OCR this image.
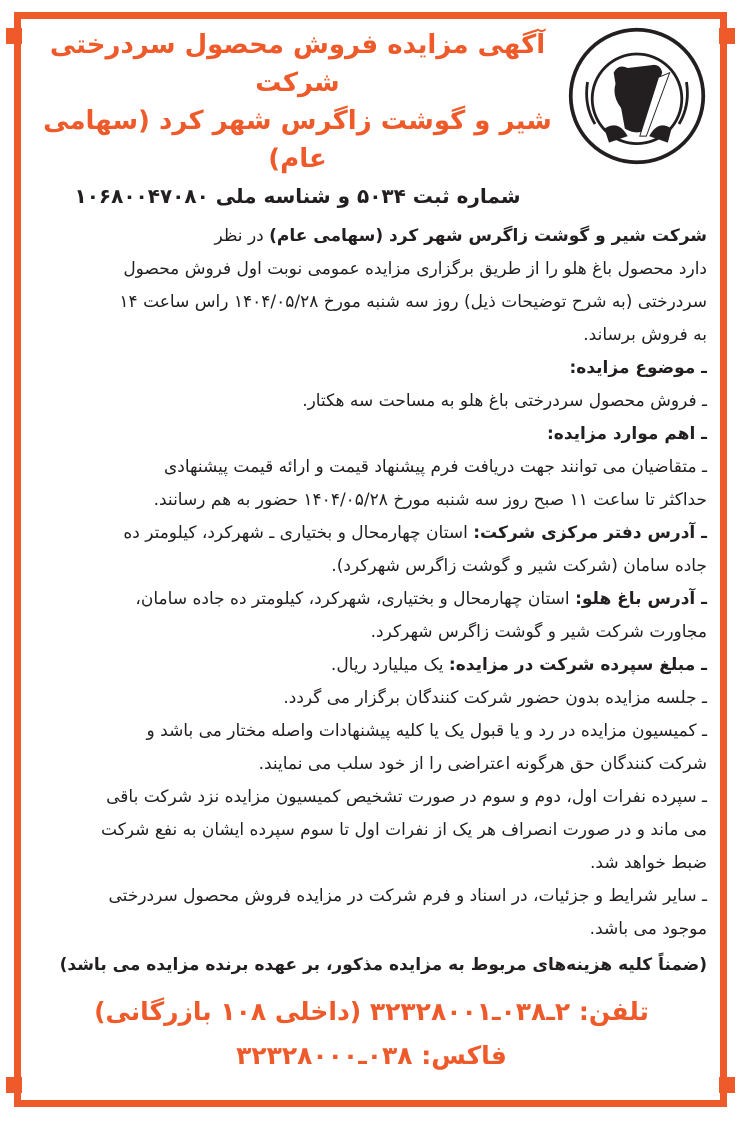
آگهی مزایده فروش محصول سردرختی شرکت
شیر و گوشت زاگرس شهر کرد (سهامی عام)
شماره ثبت ۵۰۳۴ و شناسه ملی ۱۰۶۸۰۰۴۷۰۸۰
شرکت شیر و گوشت زاگرس شهر کرد (سهامی عام) در نظر
دارد محصول باغ هلو را از طریق برگزاری مزایده عمومی نوبت اول فروش محصول
سردرختی (به شرح توضیحات ذیل) روز سه شنبه مورخ ۱۴۰۴/۰۵/۲۸ راس ساعت ۱۴
به فروش برساند.
ـ موضوع مزایده:
ـ فروش محصول سردرختی باغ هلو به مساحت سه هکتار.
ـ اهم موارد مزایده:
ـ متقاضیان می توانند جهت دریافت فرم پیشنهاد قیمت و ارائه قیمت پیشنهادی
حداکثر تا ساعت ۱۱ صبح روز سه شنبه مورخ ۱۴۰۴/۰۵/۲۸ حضور به هم رسانند.
ـ آدرس دفتر مرکزی شرکت: استان چهارمحال و بختیاری ـ شهرکرد، کیلومتر ده
جاده سامان (شرکت شیر و گوشت زاگرس شهرکرد).
ـ آدرس باغ هلو: استان چهارمحال و بختیاری، شهرکرد، کیلومتر ده جاده سامان،
مجاورت شرکت شیر و گوشت زاگرس شهرکرد.
ـ مبلغ سپرده شرکت در مزایده: یک میلیارد ریال.
ـ جلسه مزایده بدون حضور شرکت کنندگان برگزار می گردد.
ـ کمیسیون مزایده در رد و یا قبول یک یا کلیه پیشنهادات واصله مختار می باشد و
شرکت کنندگان حق هرگونه اعتراضی را از خود سلب می نمایند.
ـ سپرده نفرات اول، دوم و سوم در صورت تشخیص کمیسیون مزایده نزد شرکت باقی
می ماند و در صورت انصراف هر یک از نفرات اول تا سوم سپرده ایشان به نفع شرکت
ضبط خواهد شد.
ـ سایر شرایط و جزئیات، در اسناد و فرم شرکت در مزایده فروش محصول سردرختی
موجود می باشد.
(ضمناً کلیه هزینه‌های مربوط به مزایده مذکور، بر عهده برنده مزایده می باشد)
تلفن: ۲ـ۰۳۸ـ۳۲۳۲۸۰۰۱ (داخلی ۱۰۸ بازرگانی)
فاکس: ۰۳۸ـ۳۲۳۲۸۰۰۰
